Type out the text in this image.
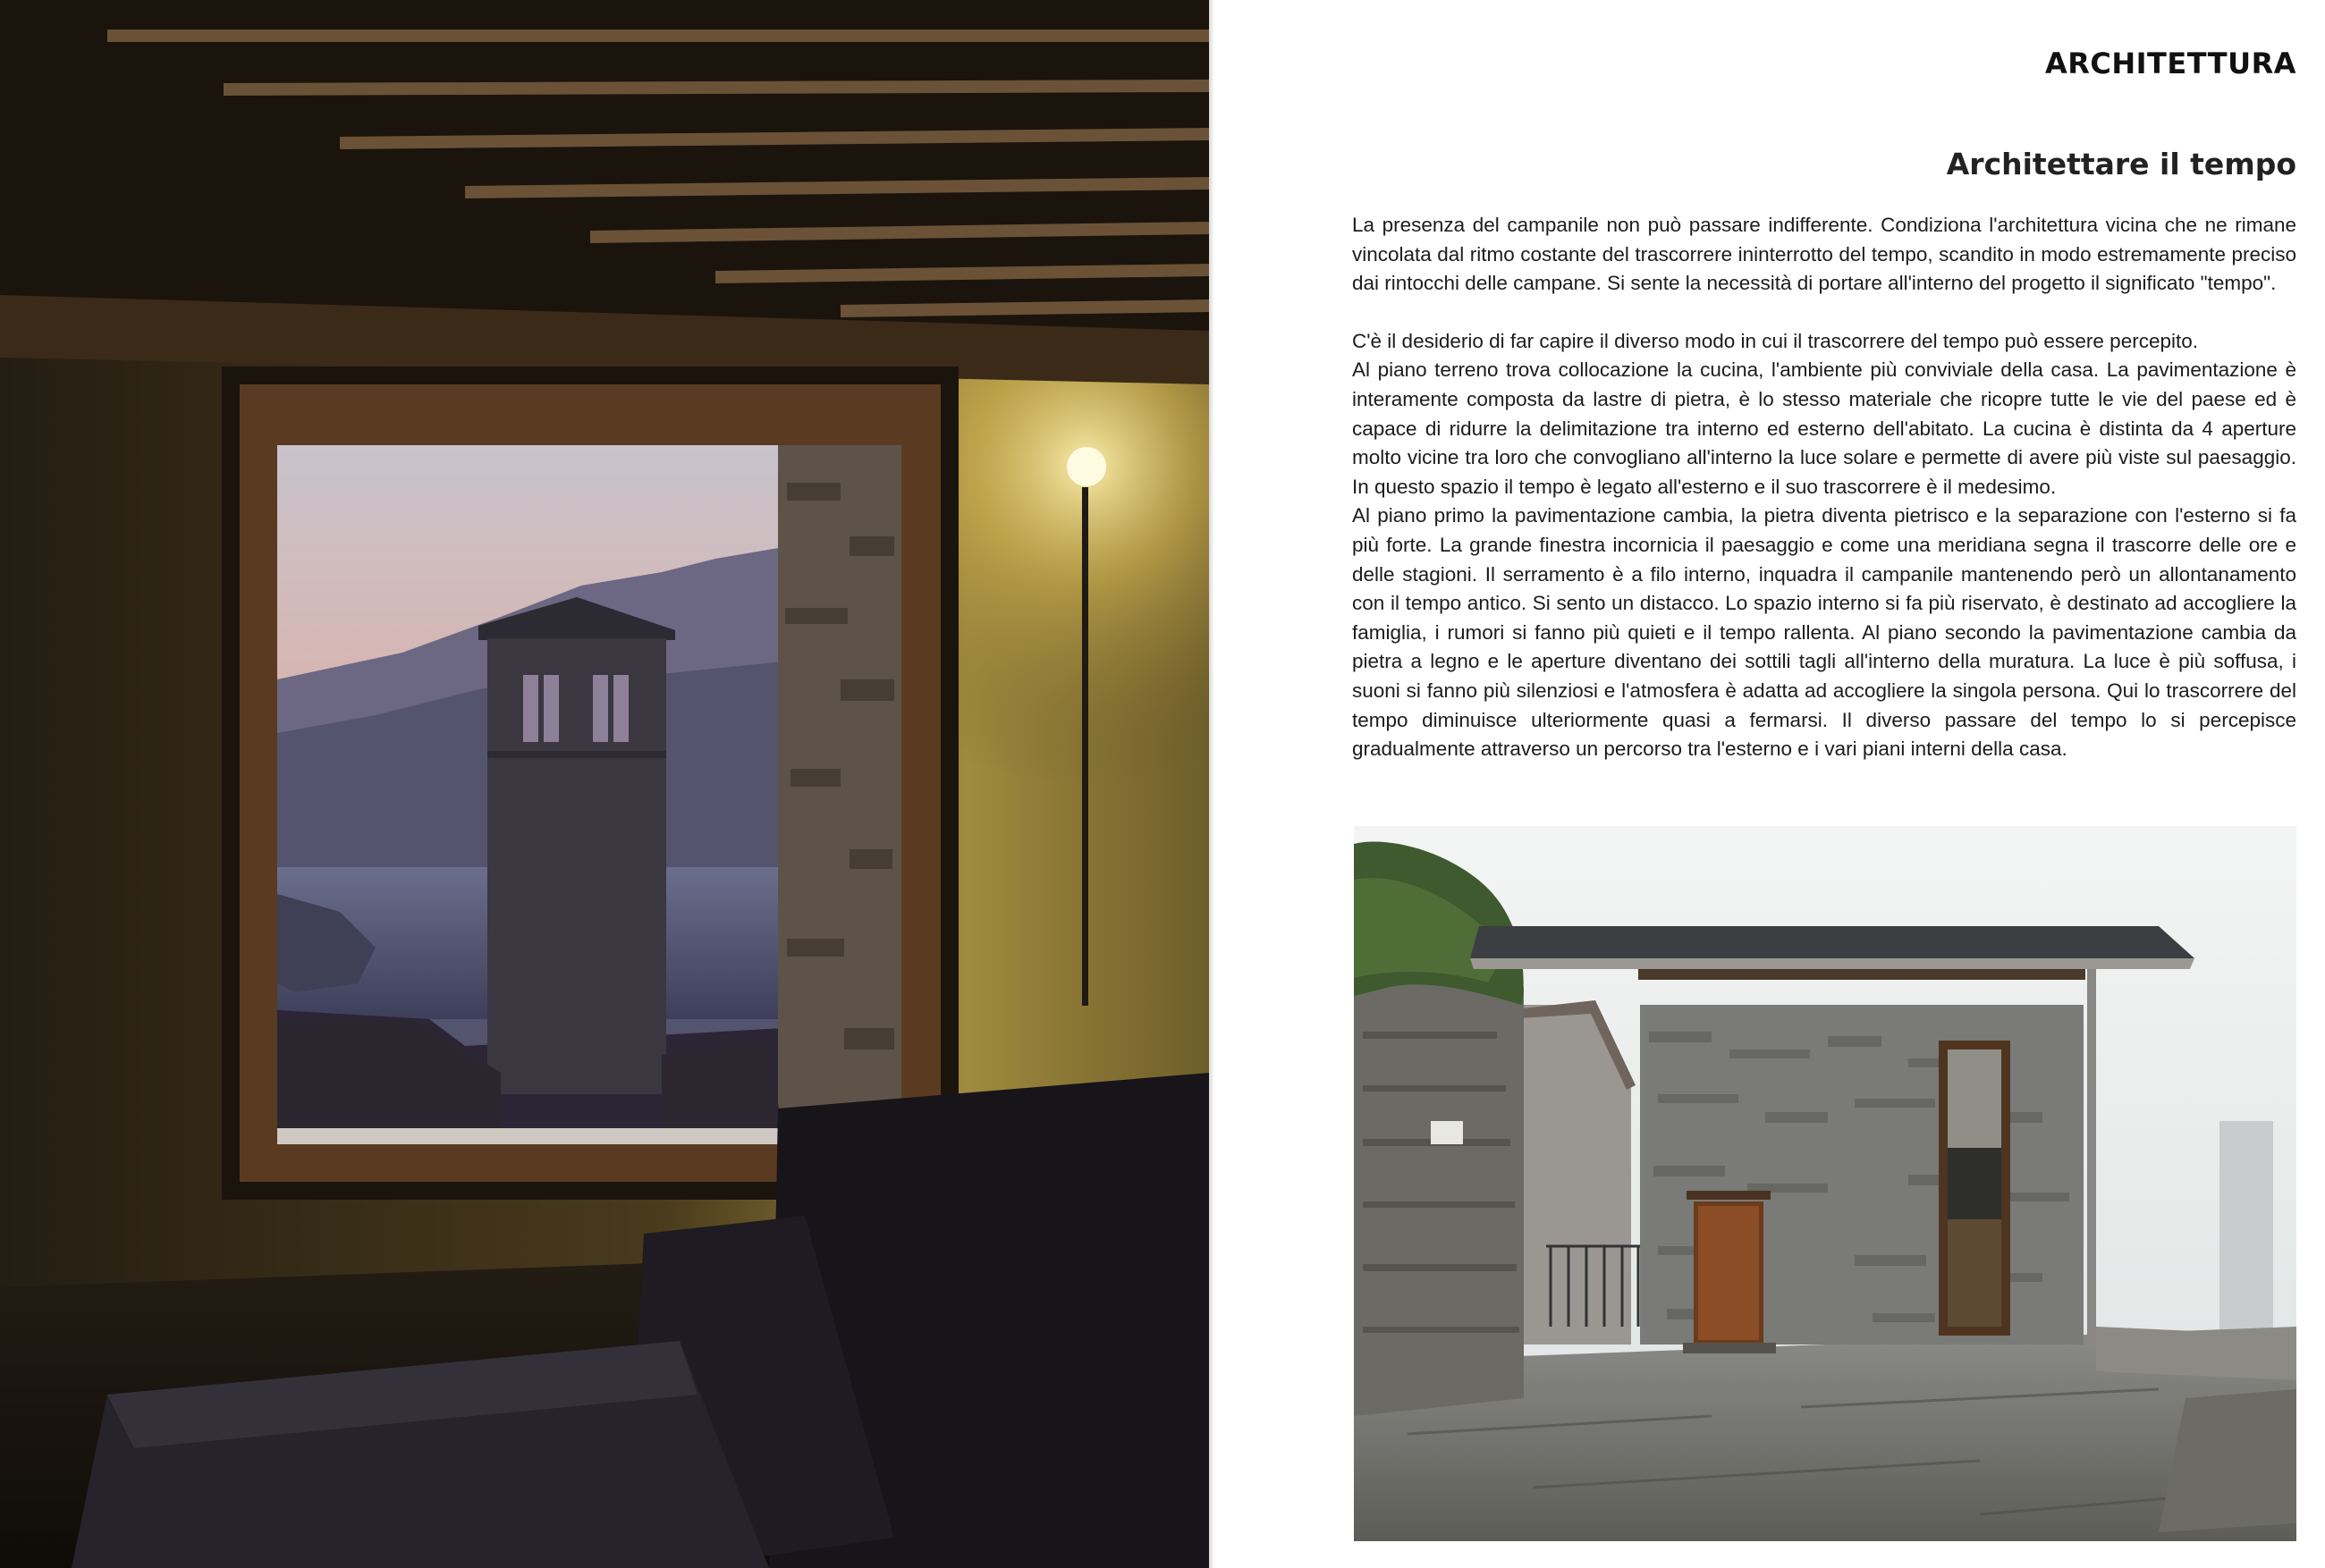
ARCHITETTURA
Architettare il tempo

La presenza del campanile non può passare indifferente. Condiziona l'architettura vicina che ne rimane vincolata dal ritmo costante del trascorrere ininterrotto del tempo, scandito in modo estremamente preciso dai rintocchi delle campane. Si sente la necessità di portare all'interno del progetto il significato "tempo".

C'è il desiderio di far capire il diverso modo in cui il trascorrere del tempo può essere percepito.

Al piano terreno trova collocazione la cucina, l'ambiente più conviviale della casa. La pavimentazione è interamente composta da lastre di pietra, è lo stesso materiale che ricopre tutte le vie del paese ed è capace di ridurre la delimitazione tra interno ed esterno dell'abitato. La cucina è distinta da 4 aperture molto vicine tra loro che convogliano all'interno la luce solare e permette di avere più viste sul paesaggio. In questo spazio il tempo è legato all'esterno e il suo trascorrere è il medesimo.

Al piano primo la pavimentazione cambia, la pietra diventa pietrisco e la separazione con l'esterno si fa più forte. La grande finestra incornicia il paesaggio e come una meridiana segna il trascorre delle ore e delle stagioni. Il serramento è a filo interno, inquadra il campanile mantenendo però un allontanamento con il tempo antico. Si sento un distacco. Lo spazio interno si fa più riservato, è destinato ad accogliere la famiglia, i rumori si fanno più quieti e il tempo rallenta. Al piano secondo la pavimentazione cambia da pietra a legno e le aperture diventano dei sottili tagli all'interno della muratura. La luce è più soffusa, i suoni si fanno più silenziosi e l'atmosfera è adatta ad accogliere la singola persona. Qui lo trascorrere del tempo diminuisce ulteriormente quasi a fermarsi. Il diverso passare del tempo lo si percepisce gradualmente attraverso un percorso tra l'esterno e i vari piani interni della casa.
